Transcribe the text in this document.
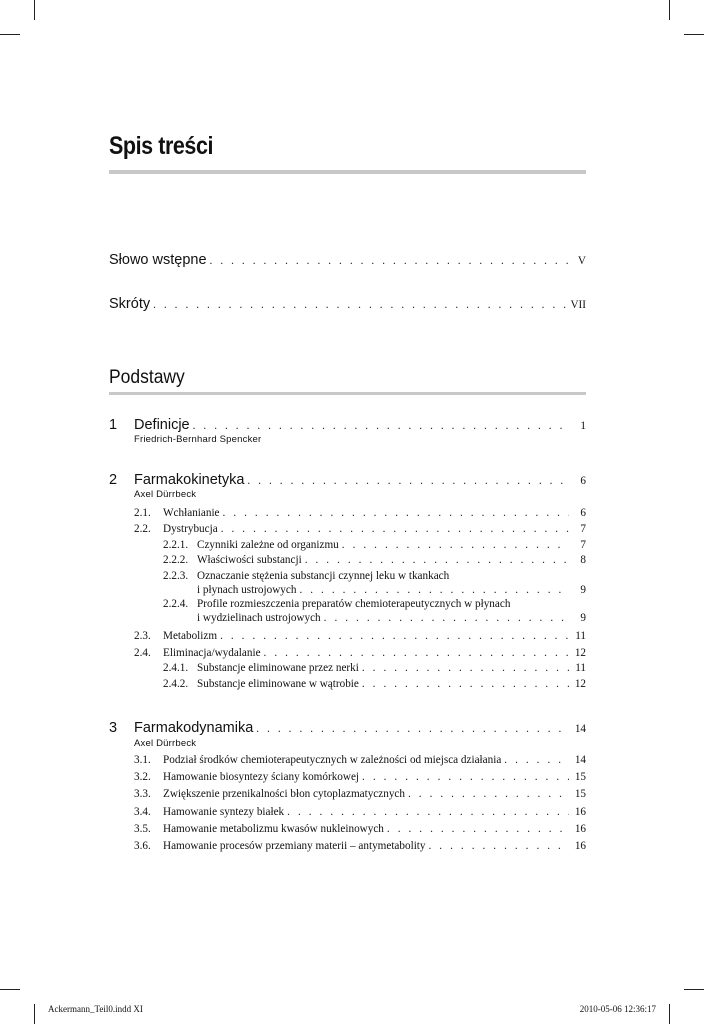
Spis treści
Słowo wstępne . . .	V
Skróty . . .	VII
Podstawy
1 Definicje . . .	1
Friedrich-Bernhard Spencker
2 Farmakokinetyka . . .	6
Axel Dürrbeck
2.1. Wchłanianie . . .	6
2.2. Dystrybucja . . .	7
2.2.1. Czynniki zależne od organizmu . . .	7
2.2.2. Właściwości substancji . . .	8
2.2.3. Oznaczanie stężenia substancji czynnej leku w tkankach
i płynach ustrojowych . . .	9
2.2.4. Profile rozmieszczenia preparatów chemioterapeutycznych w płynach
i wydzielinach ustrojowych . . .	9
2.3. Metabolizm . . .	11
2.4. Eliminacja/wydalanie . . .	12
2.4.1. Substancje eliminowane przez nerki . . .	11
2.4.2. Substancje eliminowane w wątrobie . . .	12
3 Farmakodynamika . . .	14
Axel Dürrbeck
3.1. Podział środków chemioterapeutycznych w zależności od miejsca działania . . .	14
3.2. Hamowanie biosyntezy ściany komórkowej . . .	15
3.3. Zwiększenie przenikalności błon cytoplazmatycznych . . .	15
3.4. Hamowanie syntezy białek . . .	16
3.5. Hamowanie metabolizmu kwasów nukleinowych . . .	16
3.6. Hamowanie procesów przemiany materii – antymetabolity . . .	16
Ackermann_Teil0.indd XI	2010-05-06 12:36:17
